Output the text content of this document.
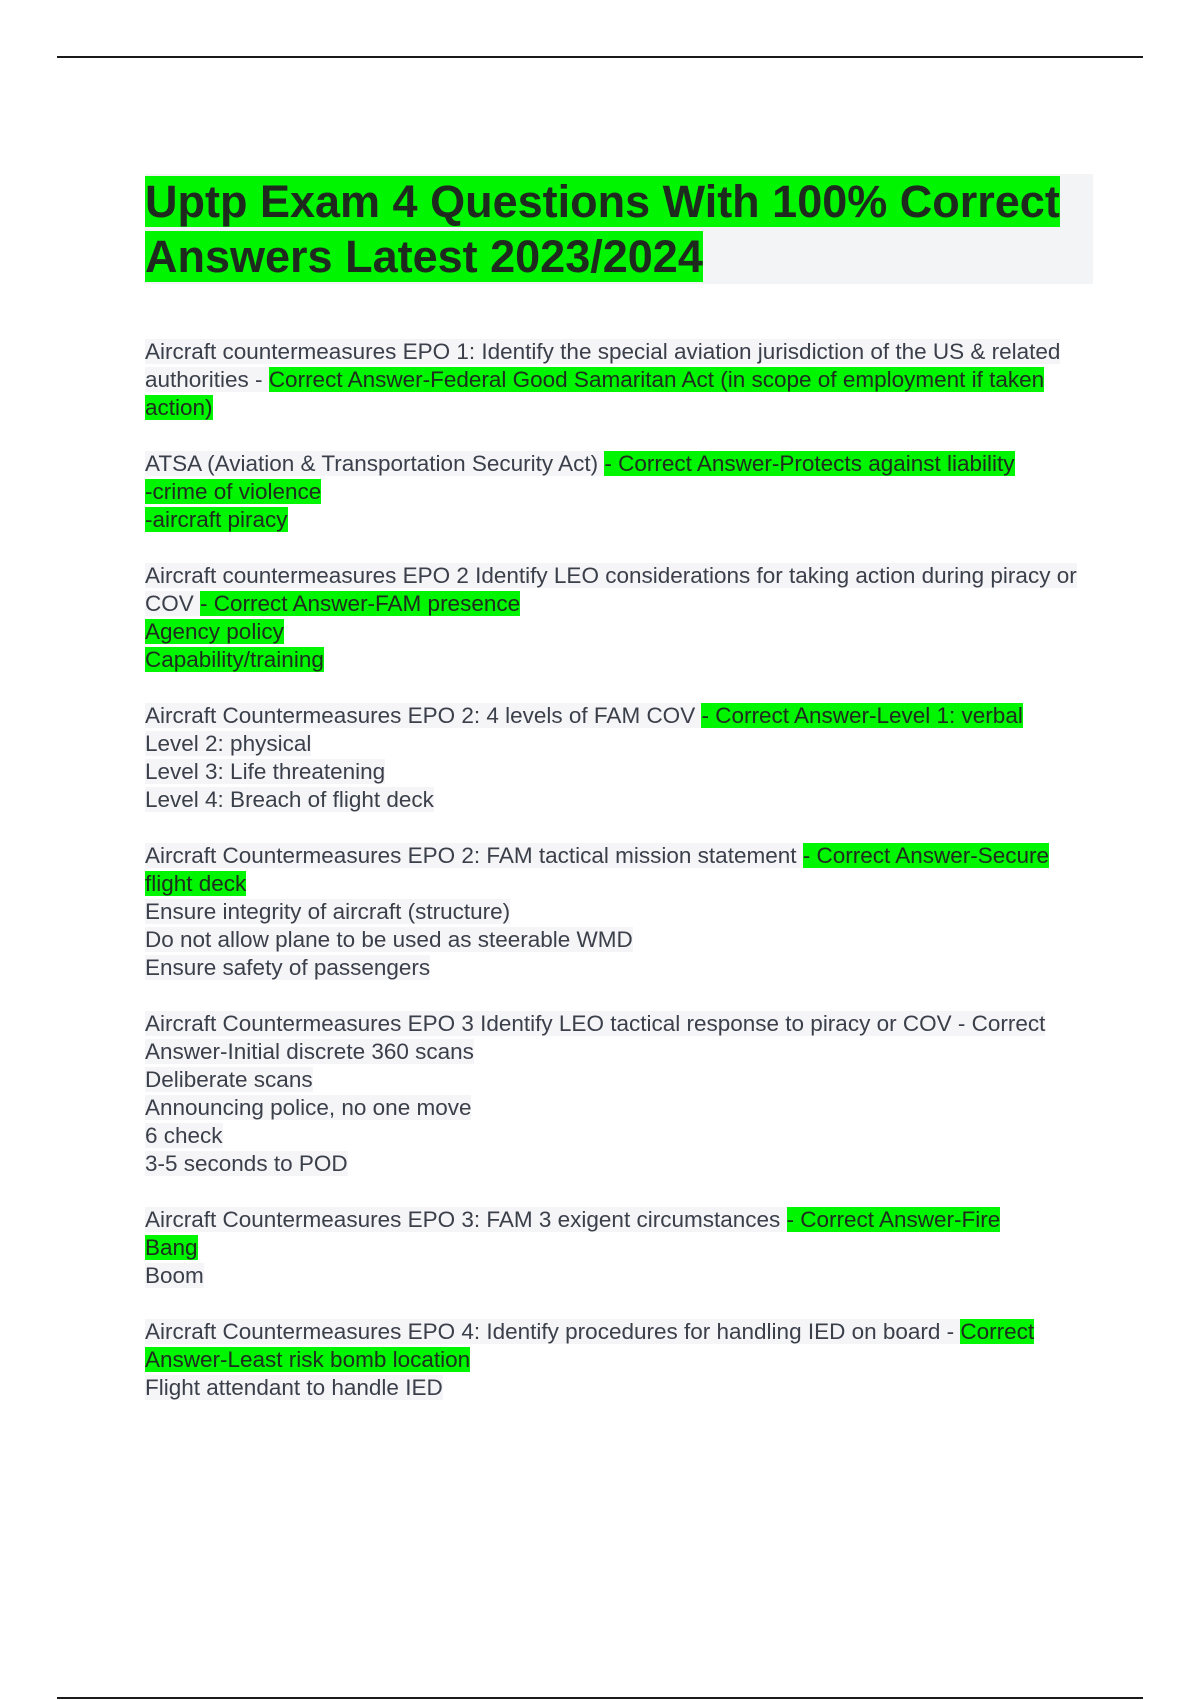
Uptp Exam 4 Questions With 100% Correct Answers Latest 2023/2024
Aircraft countermeasures EPO 1: Identify the special aviation jurisdiction of the US & related authorities - Correct Answer-Federal Good Samaritan Act (in scope of employment if taken action)
ATSA (Aviation & Transportation Security Act) - Correct Answer-Protects against liability
-crime of violence
-aircraft piracy
Aircraft countermeasures EPO 2 Identify LEO considerations for taking action during piracy or COV - Correct Answer-FAM presence
Agency policy
Capability/training
Aircraft Countermeasures EPO 2: 4 levels of FAM COV - Correct Answer-Level 1: verbal
Level 2: physical
Level 3: Life threatening
Level 4: Breach of flight deck
Aircraft Countermeasures EPO 2: FAM tactical mission statement - Correct Answer-Secure flight deck
Ensure integrity of aircraft (structure)
Do not allow plane to be used as steerable WMD
Ensure safety of passengers
Aircraft Countermeasures EPO 3 Identify LEO tactical response to piracy or COV - Correct Answer-Initial discrete 360 scans
Deliberate scans
Announcing police, no one move
6 check
3-5 seconds to POD
Aircraft Countermeasures EPO 3: FAM 3 exigent circumstances - Correct Answer-Fire
Bang
Boom
Aircraft Countermeasures EPO 4: Identify procedures for handling IED on board - Correct Answer-Least risk bomb location
Flight attendant to handle IED
